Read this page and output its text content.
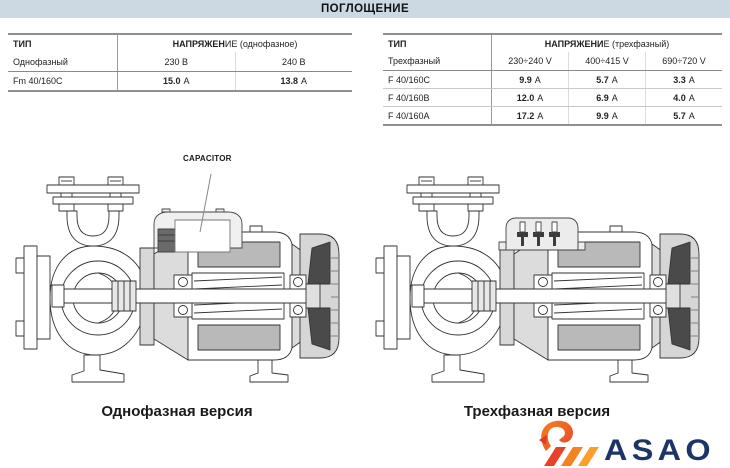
ПОГЛОЩЕНИЕ
ТИП	НАПРЯЖЕН ИЕ (однофазное)
Однофазный	230 В	240 В
Fm 40/160C	15.0 A	13.8 A
ТИП	НАПРЯЖЕНИ Е (трехфазный)
Трехфазный	230÷240 V	400÷415 V	690÷720 V
F 40/160C	9.9 A	5.7 A	3.3 A
F 40/160B	12.0 A	6.9 A	4.0 A
F 40/160A	17.2 A	9.9 A	5.7 A
CAPACITOR
Однофазная версия	Трехфазная версия
ASAO
